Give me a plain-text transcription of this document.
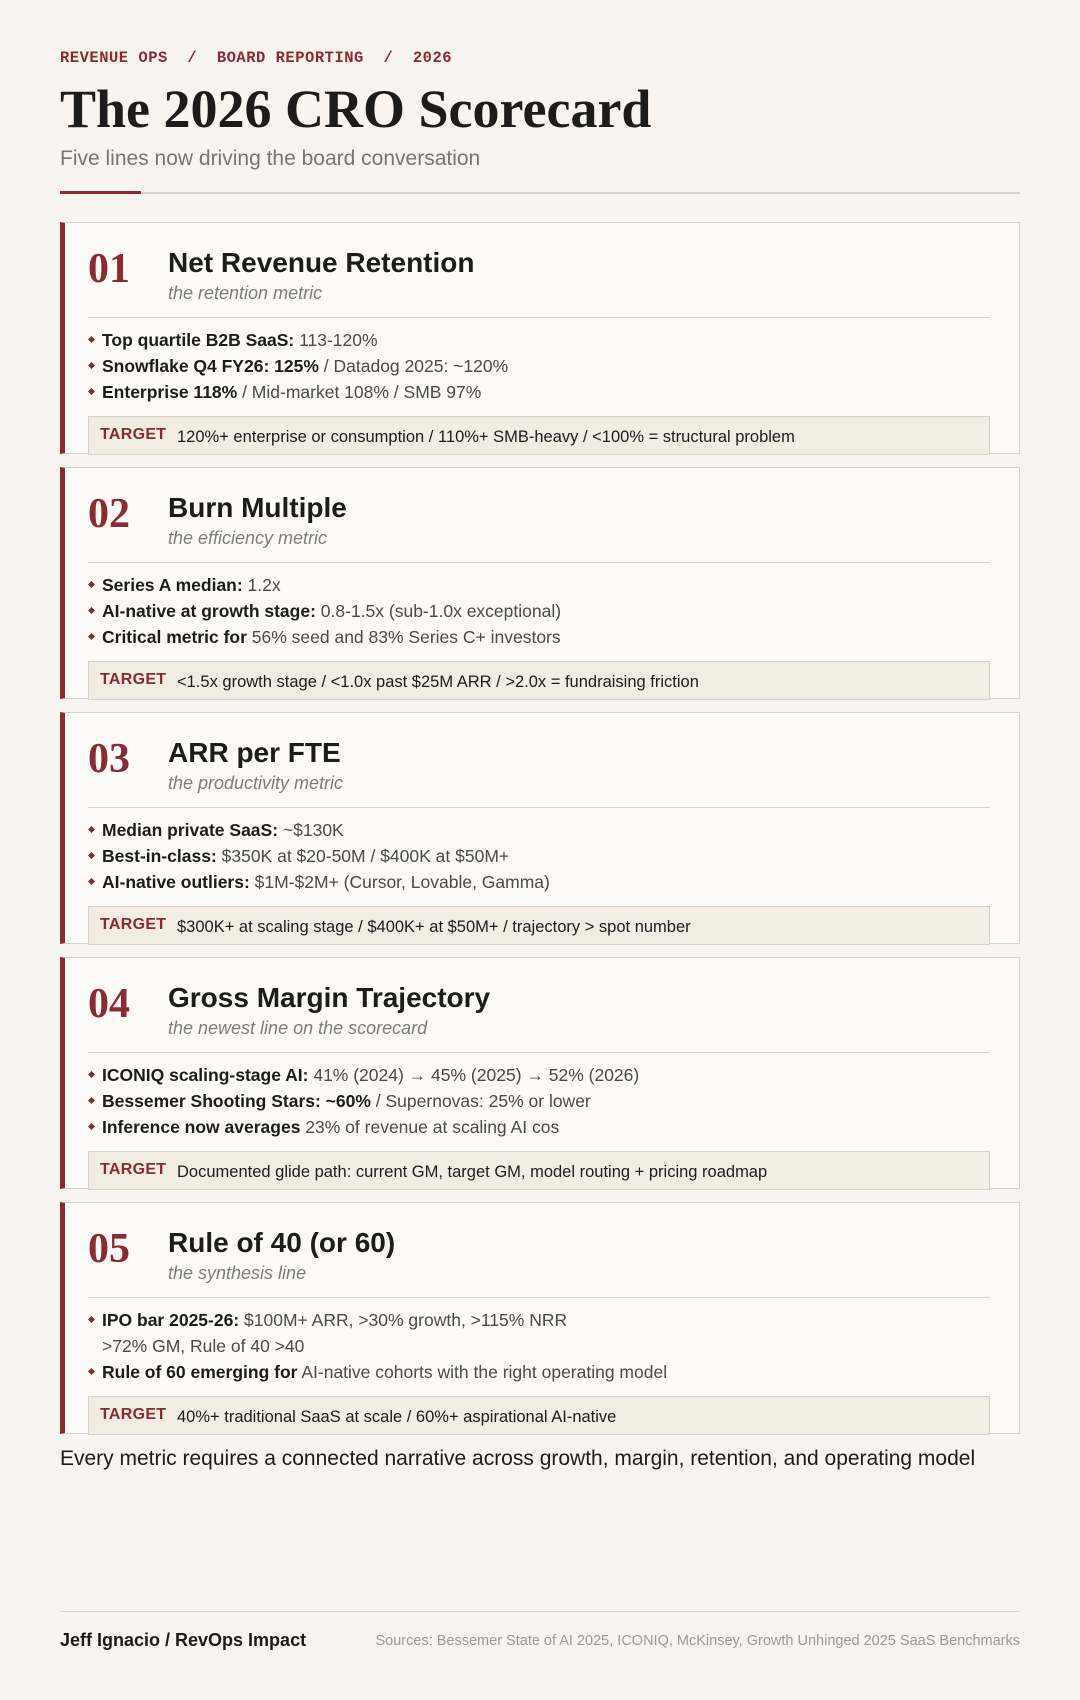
REVENUE OPS  /  BOARD REPORTING  /  2026
The 2026 CRO Scorecard
Five lines now driving the board conversation
01 Net Revenue Retention
the retention metric
Top quartile B2B SaaS: 113-120%
Snowflake Q4 FY26: 125% / Datadog 2025: ~120%
Enterprise 118% / Mid-market 108% / SMB 97%
TARGET 120%+ enterprise or consumption / 110%+ SMB-heavy / <100% = structural problem
02 Burn Multiple
the efficiency metric
Series A median: 1.2x
AI-native at growth stage: 0.8-1.5x (sub-1.0x exceptional)
Critical metric for 56% seed and 83% Series C+ investors
TARGET <1.5x growth stage / <1.0x past $25M ARR / >2.0x = fundraising friction
03 ARR per FTE
the productivity metric
Median private SaaS: ~$130K
Best-in-class: $350K at $20-50M / $400K at $50M+
AI-native outliers: $1M-$2M+ (Cursor, Lovable, Gamma)
TARGET $300K+ at scaling stage / $400K+ at $50M+ / trajectory > spot number
04 Gross Margin Trajectory
the newest line on the scorecard
ICONIQ scaling-stage AI: 41% (2024) → 45% (2025) → 52% (2026)
Bessemer Shooting Stars: ~60% / Supernovas: 25% or lower
Inference now averages 23% of revenue at scaling AI cos
TARGET Documented glide path: current GM, target GM, model routing + pricing roadmap
05 Rule of 40 (or 60)
the synthesis line
IPO bar 2025-26: $100M+ ARR, >30% growth, >115% NRR
>72% GM, Rule of 40 >40
Rule of 60 emerging for AI-native cohorts with the right operating model
TARGET 40%+ traditional SaaS at scale / 60%+ aspirational AI-native
Every metric requires a connected narrative across growth, margin, retention, and operating model
Jeff Ignacio / RevOps Impact	Sources: Bessemer State of AI 2025, ICONIQ, McKinsey, Growth Unhinged 2025 SaaS Benchmarks
